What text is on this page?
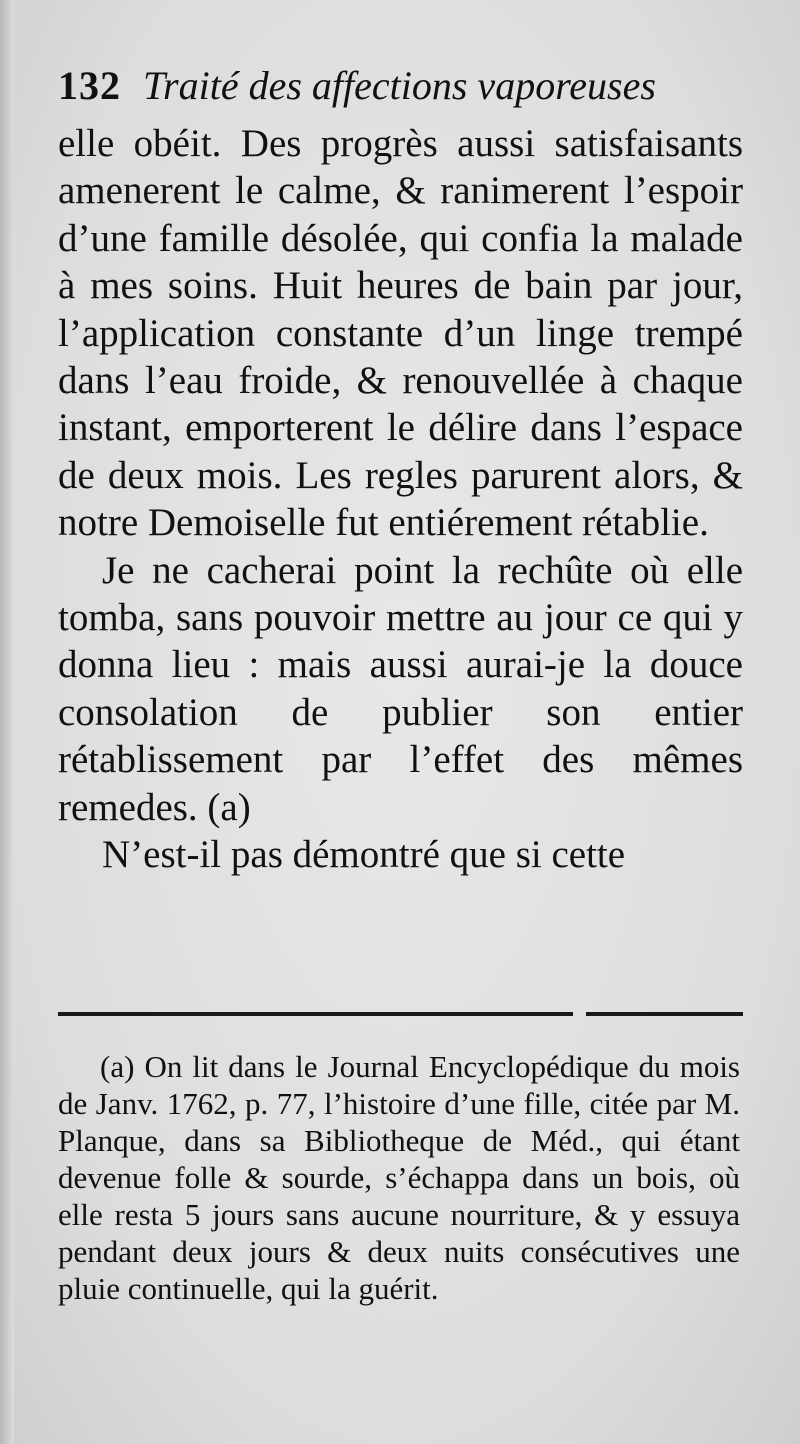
132 Traité des affections vaporeuses

elle obéit. Des progrès aussi satisfaisants amenerent le calme, & ranimerent l’espoir d’une famille désolée, qui confia la malade à mes soins. Huit heures de bain par jour, l’application constante d’un linge trempé dans l’eau froide, & renouvellée à chaque instant, emporterent le délire dans l’espace de deux mois. Les regles parurent alors, & notre Demoiselle fut entiérement rétablie.

Je ne cacherai point la rechûte où elle tomba, sans pouvoir mettre au jour ce qui y donna lieu : mais aussi aurai-je la douce consolation de publier son entier rétablissement par l’effet des mêmes remedes. (a)

N’est-il pas démontré que si cette

(a) On lit dans le Journal Encyclopédique du mois de Janv. 1762, p. 77, l’histoire d’une fille, citée par M. Planque, dans sa Bibliotheque de Méd., qui étant devenue folle & sourde, s’échappa dans un bois, où elle resta 5 jours sans aucune nourriture, & y essuya pendant deux jours & deux nuits consécutives une pluie continuelle, qui la guérit.
